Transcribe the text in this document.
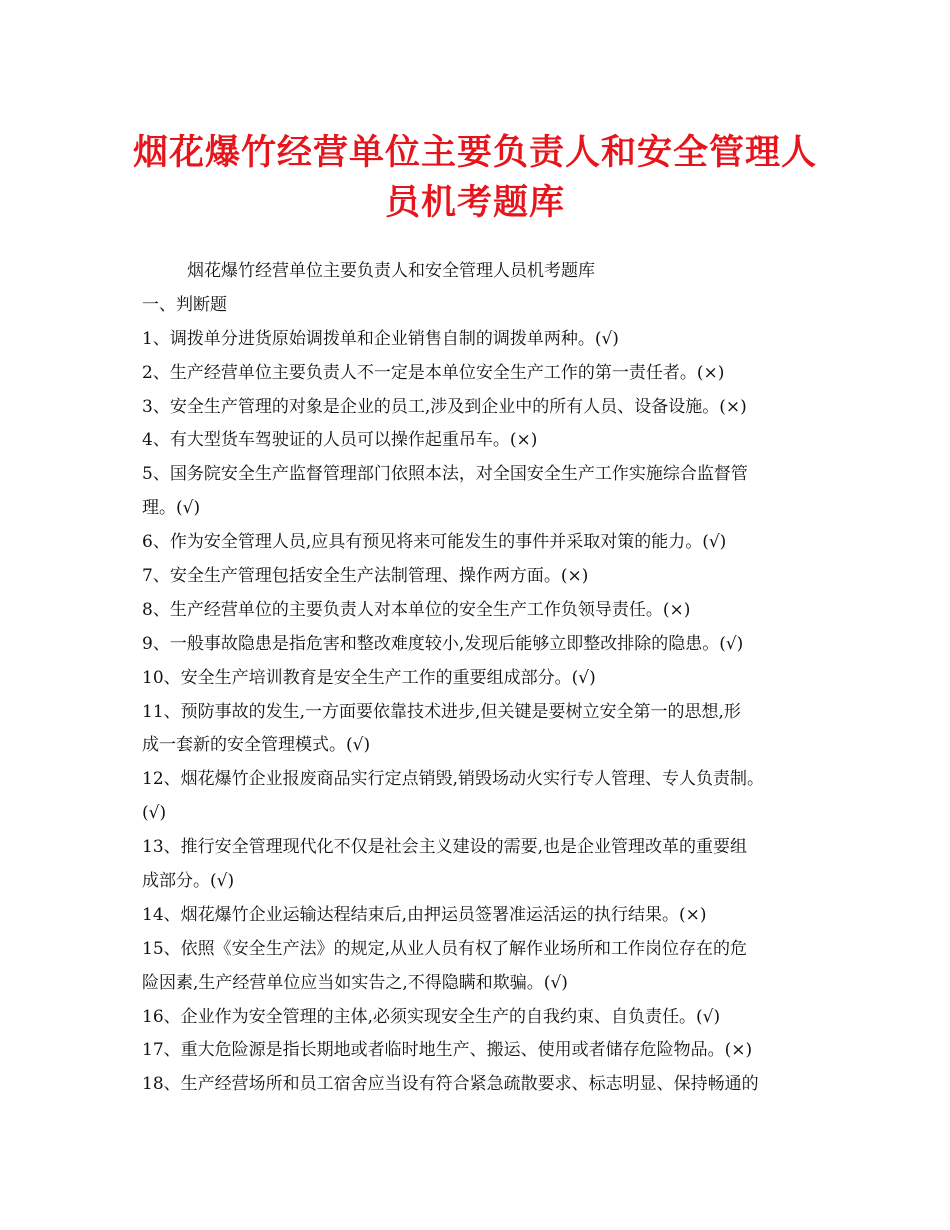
烟花爆竹经营单位主要负责人和安全管理人
员机考题库
烟花爆竹经营单位主要负责人和安全管理人员机考题库
一、判断题
1、调拨单分进货原始调拨单和企业销售自制的调拨单两种。(√)
2、生产经营单位主要负责人不一定是本单位安全生产工作的第一责任者。(×)
3、安全生产管理的对象是企业的员工,涉及到企业中的所有人员、设备设施。(×)
4、有大型货车驾驶证的人员可以操作起重吊车。(×)
5、国务院安全生产监督管理部门依照本法，对全国安全生产工作实施综合监督管
理。(√)
6、作为安全管理人员,应具有预见将来可能发生的事件并采取对策的能力。(√)
7、安全生产管理包括安全生产法制管理、操作两方面。(×)
8、生产经营单位的主要负责人对本单位的安全生产工作负领导责任。(×)
9、一般事故隐患是指危害和整改难度较小,发现后能够立即整改排除的隐患。(√)
10、安全生产培训教育是安全生产工作的重要组成部分。(√)
11、预防事故的发生,一方面要依靠技术进步,但关键是要树立安全第一的思想,形
成一套新的安全管理模式。(√)
12、烟花爆竹企业报废商品实行定点销毁,销毁场动火实行专人管理、专人负责制。
(√)
13、推行安全管理现代化不仅是社会主义建设的需要,也是企业管理改革的重要组
成部分。(√)
14、烟花爆竹企业运输达程结束后,由押运员签署准运活运的执行结果。(×)
15、依照《安全生产法》的规定,从业人员有权了解作业场所和工作岗位存在的危
险因素,生产经营单位应当如实告之,不得隐瞒和欺骗。(√)
16、企业作为安全管理的主体,必须实现安全生产的自我约束、自负责任。(√)
17、重大危险源是指长期地或者临时地生产、搬运、使用或者储存危险物品。(×)
18、生产经营场所和员工宿舍应当设有符合紧急疏散要求、标志明显、保持畅通的
